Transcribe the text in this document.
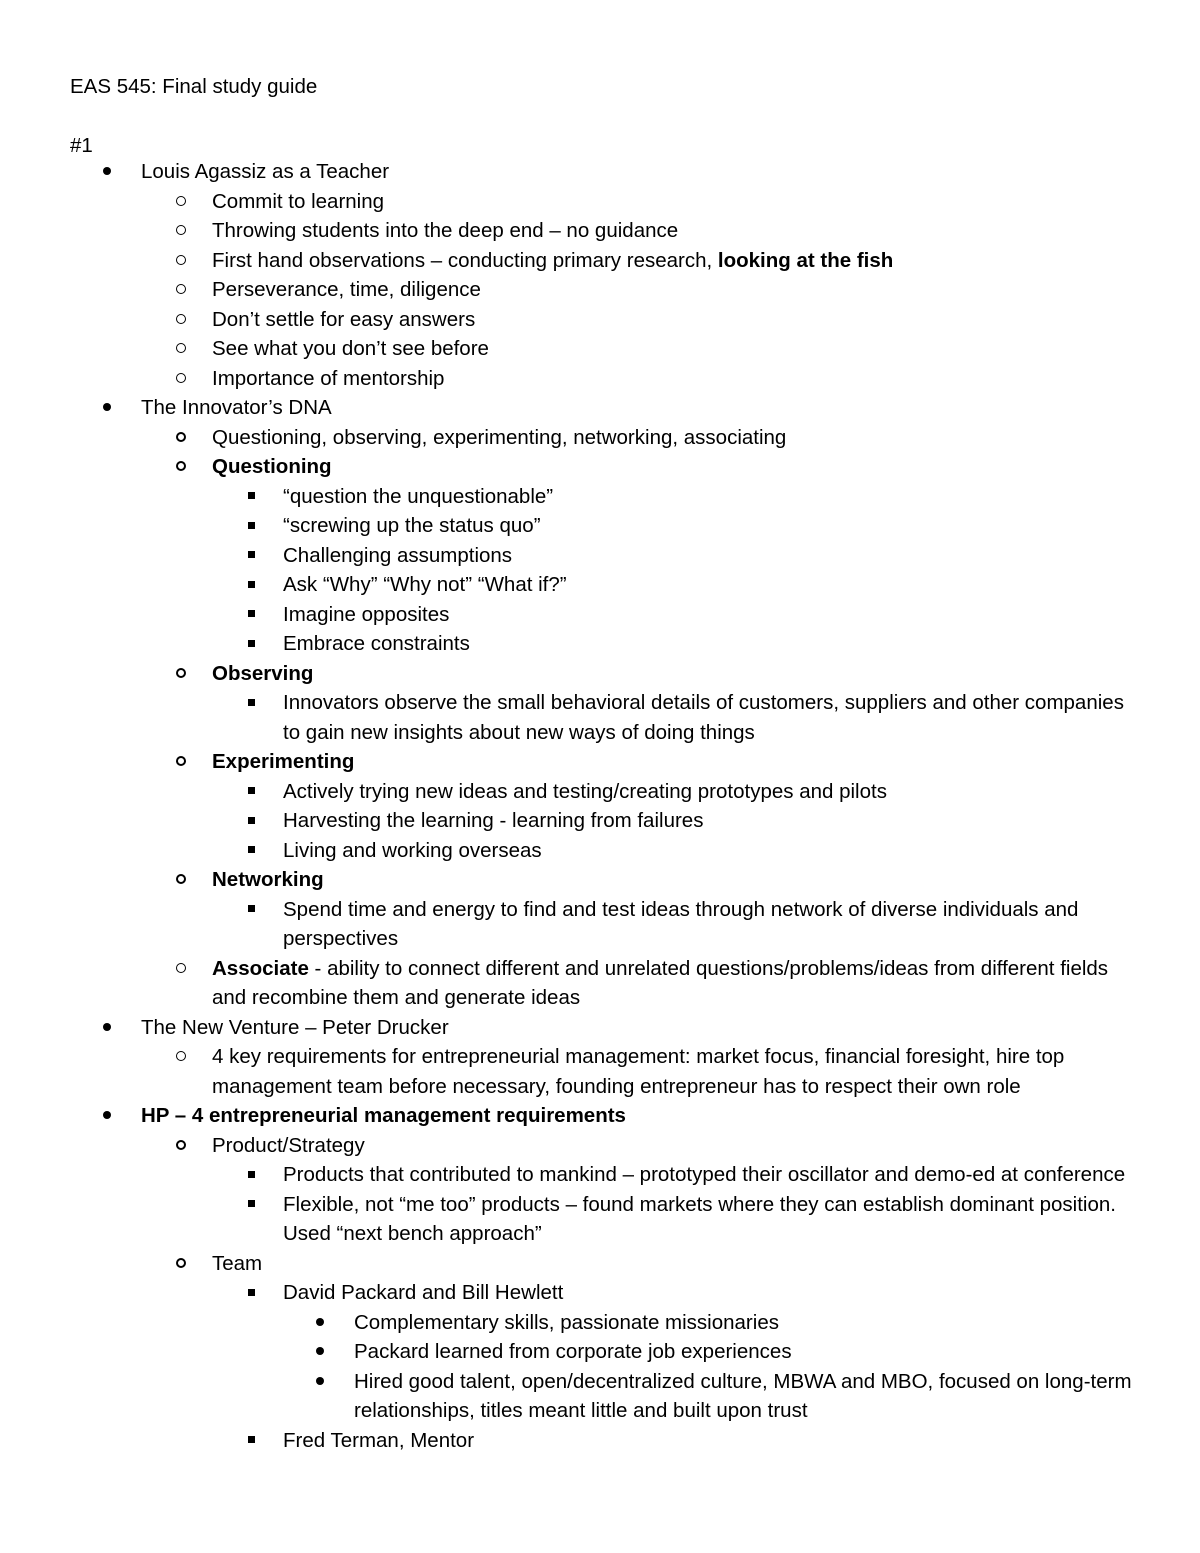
EAS 545: Final study guide
#1
Louis Agassiz as a Teacher
Commit to learning
Throwing students into the deep end – no guidance
First hand observations – conducting primary research, looking at the fish
Perseverance, time, diligence
Don’t settle for easy answers
See what you don’t see before
Importance of mentorship
The Innovator’s DNA
Questioning, observing, experimenting, networking, associating
Questioning
“question the unquestionable”
“screwing up the status quo”
Challenging assumptions
Ask “Why” “Why not” “What if?”
Imagine opposites
Embrace constraints
Observing
Innovators observe the small behavioral details of customers, suppliers and other companies to gain new insights about new ways of doing things
Experimenting
Actively trying new ideas and testing/creating prototypes and pilots
Harvesting the learning - learning from failures
Living and working overseas
Networking
Spend time and energy to find and test ideas through network of diverse individuals and perspectives
Associate - ability to connect different and unrelated questions/problems/ideas from different fields and recombine them and generate ideas
The New Venture – Peter Drucker
4 key requirements for entrepreneurial management: market focus, financial foresight, hire top management team before necessary, founding entrepreneur has to respect their own role
HP – 4 entrepreneurial management requirements
Product/Strategy
Products that contributed to mankind – prototyped their oscillator and demo-ed at conference
Flexible, not “me too” products – found markets where they can establish dominant position. Used “next bench approach”
Team
David Packard and Bill Hewlett
Complementary skills, passionate missionaries
Packard learned from corporate job experiences
Hired good talent, open/decentralized culture, MBWA and MBO, focused on long-term relationships, titles meant little and built upon trust
Fred Terman, Mentor
